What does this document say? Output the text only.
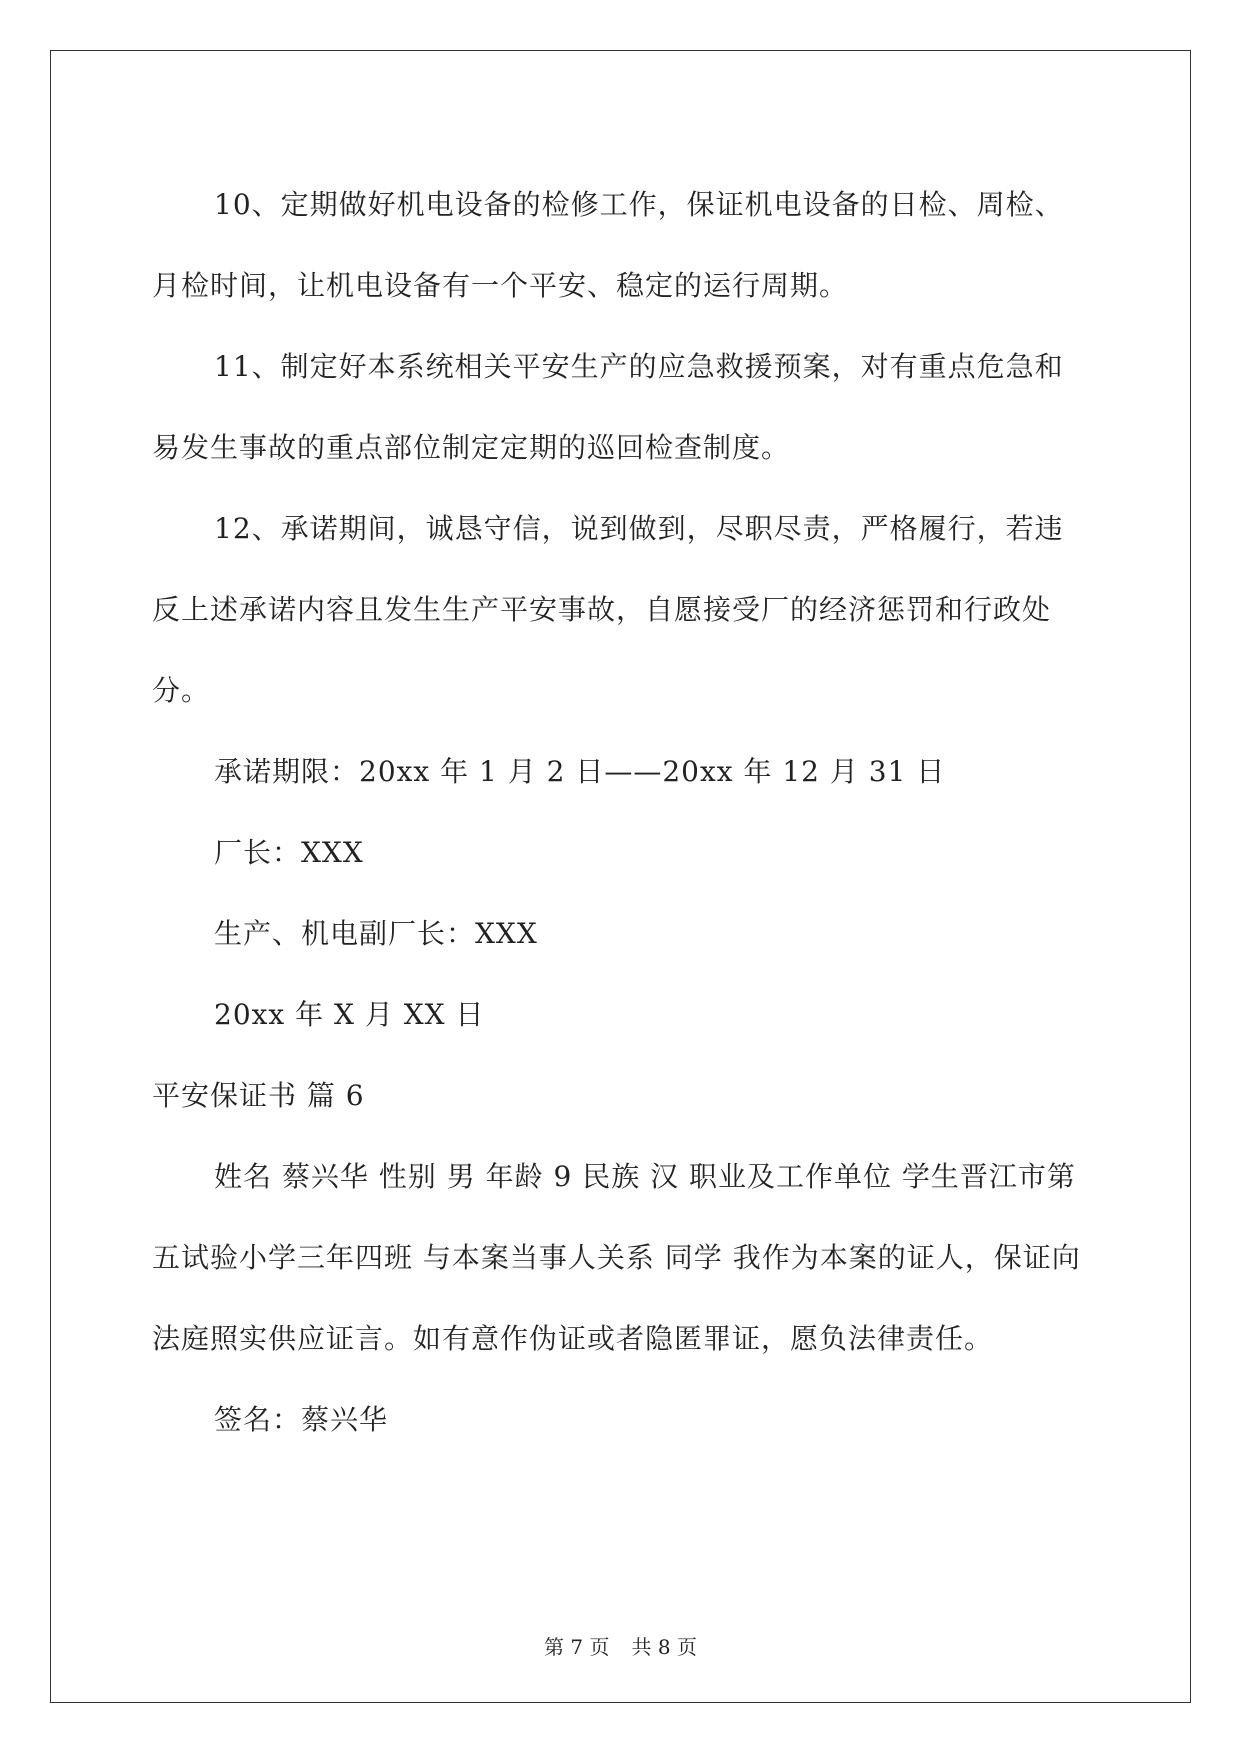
10、定期做好机电设备的检修工作，保证机电设备的日检、周检、月检时间，让机电设备有一个平安、稳定的运行周期。

11、制定好本系统相关平安生产的应急救援预案，对有重点危急和易发生事故的重点部位制定定期的巡回检查制度。

12、承诺期间，诚恳守信，说到做到，尽职尽责，严格履行，若违反上述承诺内容且发生生产平安事故，自愿接受厂的经济惩罚和行政处分。

承诺期限：20xx 年 1 月 2 日——20xx 年 12 月 31 日

厂长：XXX

生产、机电副厂长：XXX

20xx 年 X 月 XX 日

平安保证书 篇 6

姓名 蔡兴华 性别 男 年龄 9 民族 汉 职业及工作单位 学生晋江市第五试验小学三年四班 与本案当事人关系 同学 我作为本案的证人，保证向法庭照实供应证言。如有意作伪证或者隐匿罪证，愿负法律责任。

签名：蔡兴华

第 7 页 共 8 页
